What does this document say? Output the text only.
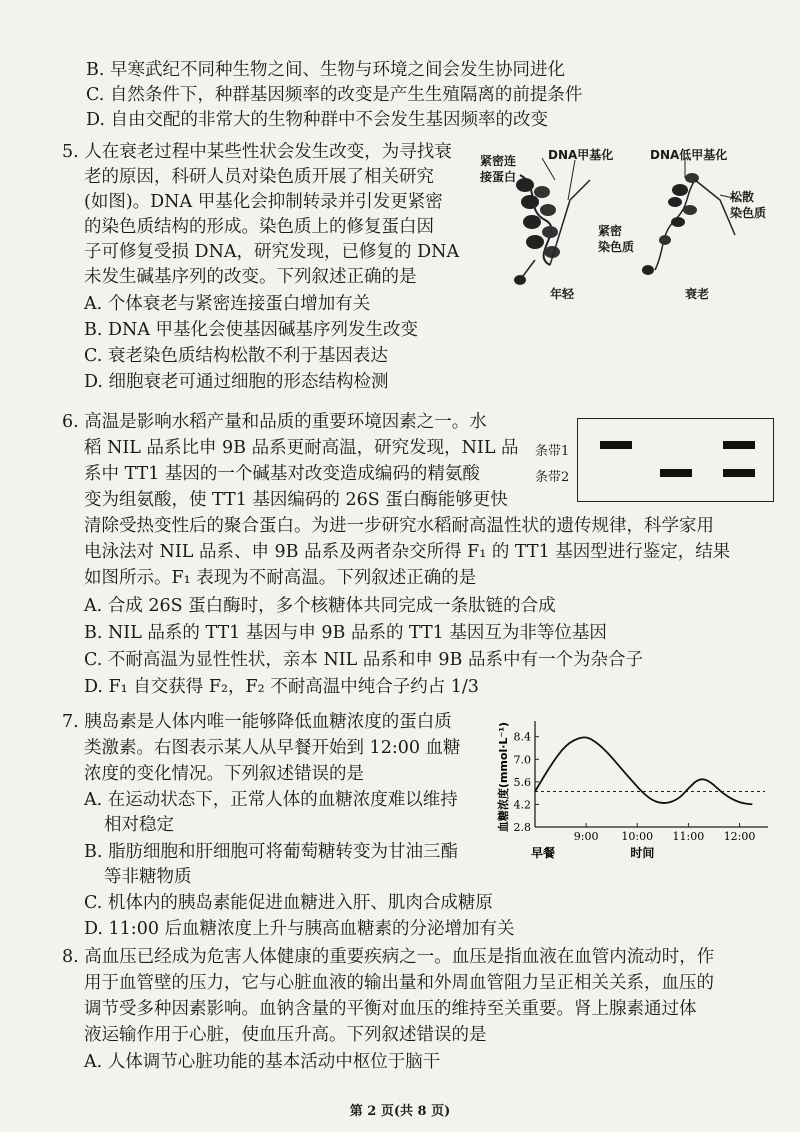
B. 早寒武纪不同种生物之间、生物与环境之间会发生协同进化
C. 自然条件下，种群基因频率的改变是产生生殖隔离的前提条件
D. 自由交配的非常大的生物种群中不会发生基因频率的改变
5. 人在衰老过程中某些性状会发生改变，为寻找衰
老的原因，科研人员对染色质开展了相关研究
(如图)。DNA 甲基化会抑制转录并引发更紧密
的染色质结构的形成。染色质上的修复蛋白因
子可修复受损 DNA，研究发现，已修复的 DNA
未发生碱基序列的改变。下列叙述正确的是
A. 个体衰老与紧密连接蛋白增加有关
B. DNA 甲基化会使基因碱基序列发生改变
C. 衰老染色质结构松散不利于基因表达
D. 细胞衰老可通过细胞的形态结构检测
紧密连
接蛋白
DNA甲基化	DNA低甲基化
紧密
染色质
松散
染色质
年轻	衰老
6. 高温是影响水稻产量和品质的重要环境因素之一。水
稻 NIL 品系比申 9B 品系更耐高温，研究发现，NIL 品
系中 TT1 基因的一个碱基对改变造成编码的精氨酸
变为组氨酸，使 TT1 基因编码的 26S 蛋白酶能够更快
清除受热变性后的聚合蛋白。为进一步研究水稻耐高温性状的遗传规律，科学家用
电泳法对 NIL 品系、申 9B 品系及两者杂交所得 F₁ 的 TT1 基因型进行鉴定，结果
如图所示。F₁ 表现为不耐高温。下列叙述正确的是
A. 合成 26S 蛋白酶时，多个核糖体共同完成一条肽链的合成
B. NIL 品系的 TT1 基因与申 9B 品系的 TT1 基因互为非等位基因
C. 不耐高温为显性性状，亲本 NIL 品系和申 9B 品系中有一个为杂合子
D. F₁ 自交获得 F₂，F₂ 不耐高温中纯合子约占 1/3
条带1
条带2
7. 胰岛素是人体内唯一能够降低血糖浓度的蛋白质
类激素。右图表示某人从早餐开始到 12:00 血糖
浓度的变化情况。下列叙述错误的是
A. 在运动状态下，正常人体的血糖浓度难以维持
相对稳定
B. 脂肪细胞和肝细胞可将葡萄糖转变为甘油三酯
等非糖物质
C. 机体内的胰岛素能促进血糖进入肝、肌肉合成糖原
D. 11:00 后血糖浓度上升与胰高血糖素的分泌增加有关
2.8
4.2
5.6
7.0
8.4
9:00 10:00 11:00 12:00
早餐	时间
血糖浓度(mmol·L⁻¹)
8. 高血压已经成为危害人体健康的重要疾病之一。血压是指血液在血管内流动时，作
用于血管壁的压力，它与心脏血液的输出量和外周血管阻力呈正相关关系，血压的
调节受多种因素影响。血钠含量的平衡对血压的维持至关重要。肾上腺素通过体
液运输作用于心脏，使血压升高。下列叙述错误的是
A. 人体调节心脏功能的基本活动中枢位于脑干
第 2 页(共 8 页)
